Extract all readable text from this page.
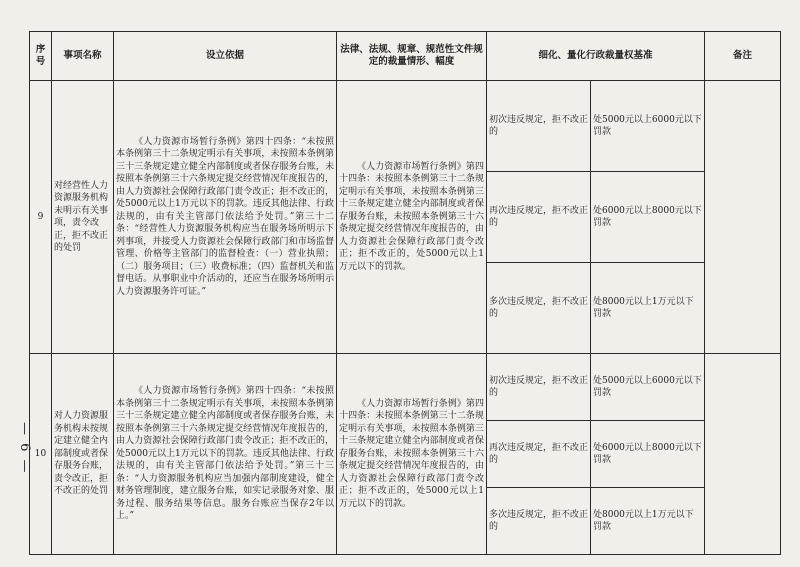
— 6 —
序号	事项名称	设立依据	法律、法规、规章、规范性文件规定的裁量情形、幅度	细化、量化行政裁量权基准		备注
9	对经营性人力资源服务机构未明示有关事项，责令改正，拒不改正的处罚	《人力资源市场暂行条例》第四十四条：“未按照本条例第三十二条规定明示有关事项，未按照本条例第三十三条规定建立健全内部制度或者保存服务台账，未按照本条例第三十六条规定提交经营情况年度报告的，由人力资源社会保障行政部门责令改正；拒不改正的，处5000元以上1万元以下的罚款。违反其他法律、行政法规的，由有关主管部门依法给予处罚。”第三十二条：“经营性人力资源服务机构应当在服务场所明示下列事项，并接受人力资源社会保障行政部门和市场监督管理、价格等主管部门的监督检查：（一）营业执照；（二）服务项目；（三）收费标准；（四）监督机关和监督电话。从事职业中介活动的，还应当在服务场所明示人力资源服务许可证。”	《人力资源市场暂行条例》第四十四条：未按照本条例第三十二条规定明示有关事项，未按照本条例第三十三条规定建立健全内部制度或者保存服务台账，未按照本条例第三十六条规定提交经营情况年度报告的，由人力资源社会保障行政部门责令改正；拒不改正的，处5000元以上1万元以下的罚款。	初次违反规定，拒不改正的	处5000元以上6000元以下罚款	
				再次违反规定，拒不改正的	处6000元以上8000元以下罚款	
				多次违反规定，拒不改正的	处8000元以上1万元以下罚款	
10	对人力资源服务机构未按规定建立健全内部制度或者保存服务台账，责令改正，拒不改正的处罚	《人力资源市场暂行条例》第四十四条：“未按照本条例第三十二条规定明示有关事项，未按照本条例第三十三条规定建立健全内部制度或者保存服务台账，未按照本条例第三十六条规定提交经营情况年度报告的，由人力资源社会保障行政部门责令改正；拒不改正的，处5000元以上1万元以下的罚款。违反其他法律、行政法规的，由有关主管部门依法给予处罚。”第三十三条：“人力资源服务机构应当加强内部制度建设，健全财务管理制度，建立服务台账，如实记录服务对象、服务过程、服务结果等信息。服务台账应当保存2年以上。”	《人力资源市场暂行条例》第四十四条：未按照本条例第三十二条规定明示有关事项，未按照本条例第三十三条规定建立健全内部制度或者保存服务台账，未按照本条例第三十六条规定提交经营情况年度报告的，由人力资源社会保障行政部门责令改正；拒不改正的，处5000元以上1万元以下的罚款。	初次违反规定，拒不改正的	处5000元以上6000元以下罚款	
				再次违反规定，拒不改正的	处6000元以上8000元以下罚款	
				多次违反规定，拒不改正的	处8000元以上1万元以下罚款	
